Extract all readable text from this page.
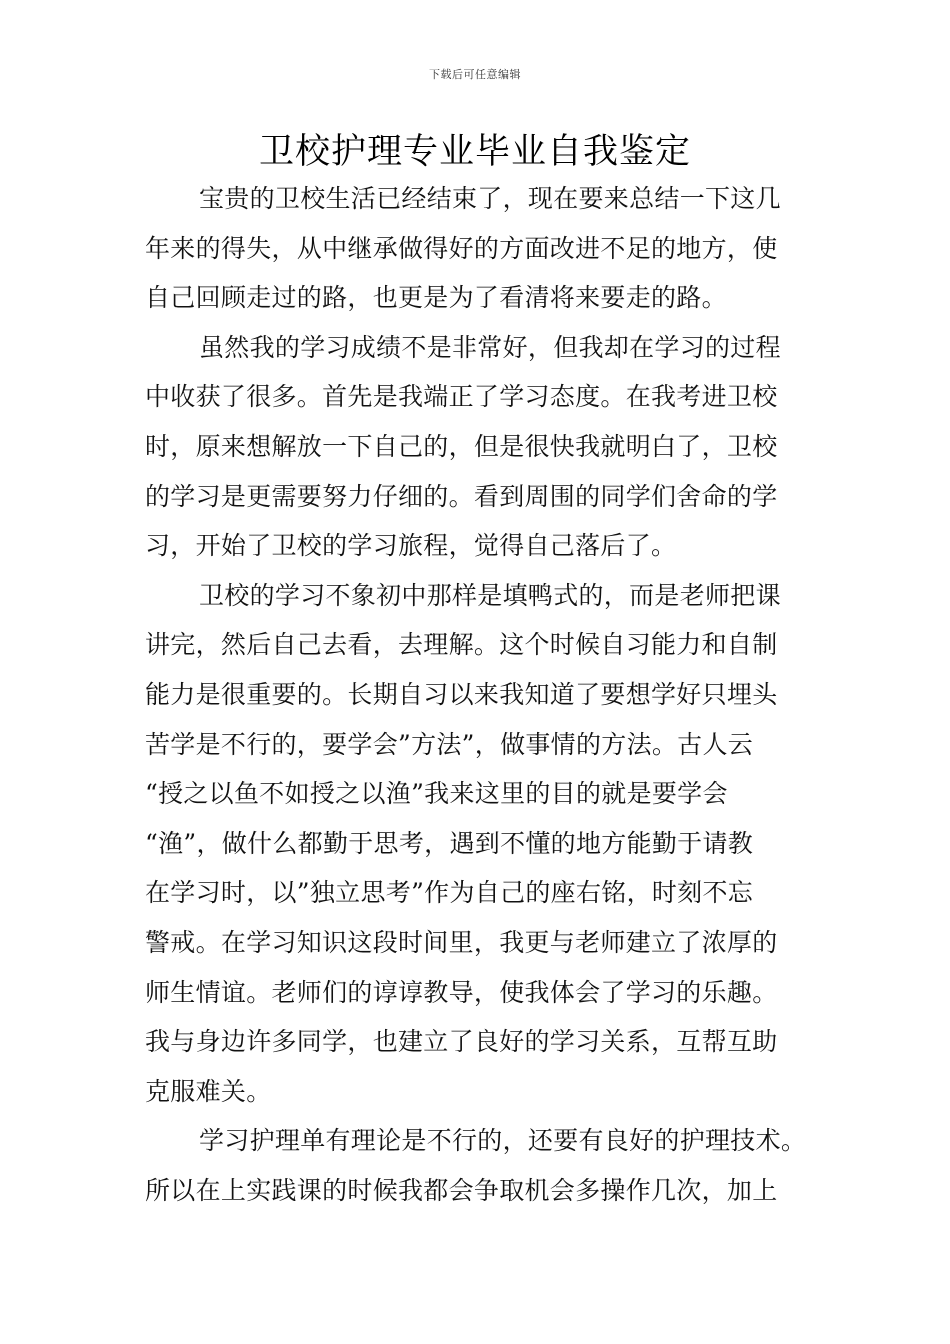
下载后可任意编辑
卫校护理专业毕业自我鉴定
宝贵的卫校生活已经结束了，现在要来总结一下这几
年来的得失，从中继承做得好的方面改进不足的地方，使
自己回顾走过的路，也更是为了看清将来要走的路。
虽然我的学习成绩不是非常好，但我却在学习的过程
中收获了很多。首先是我端正了学习态度。在我考进卫校
时，原来想解放一下自己的，但是很快我就明白了，卫校
的学习是更需要努力仔细的。看到周围的同学们舍命的学
习，开始了卫校的学习旅程，觉得自己落后了。
卫校的学习不象初中那样是填鸭式的，而是老师把课
讲完，然后自己去看，去理解。这个时候自习能力和自制
能力是很重要的。长期自习以来我知道了要想学好只埋头
苦学是不行的，要学会”方法”，做事情的方法。古人云
“授之以鱼不如授之以渔”我来这里的目的就是要学会
“渔”，做什么都勤于思考，遇到不懂的地方能勤于请教
在学习时，以”独立思考”作为自己的座右铭，时刻不忘
警戒。在学习知识这段时间里，我更与老师建立了浓厚的
师生情谊。老师们的谆谆教导，使我体会了学习的乐趣。
我与身边许多同学，也建立了良好的学习关系，互帮互助
克服难关。
学习护理单有理论是不行的，还要有良好的护理技术。
所以在上实践课的时候我都会争取机会多操作几次，加上
